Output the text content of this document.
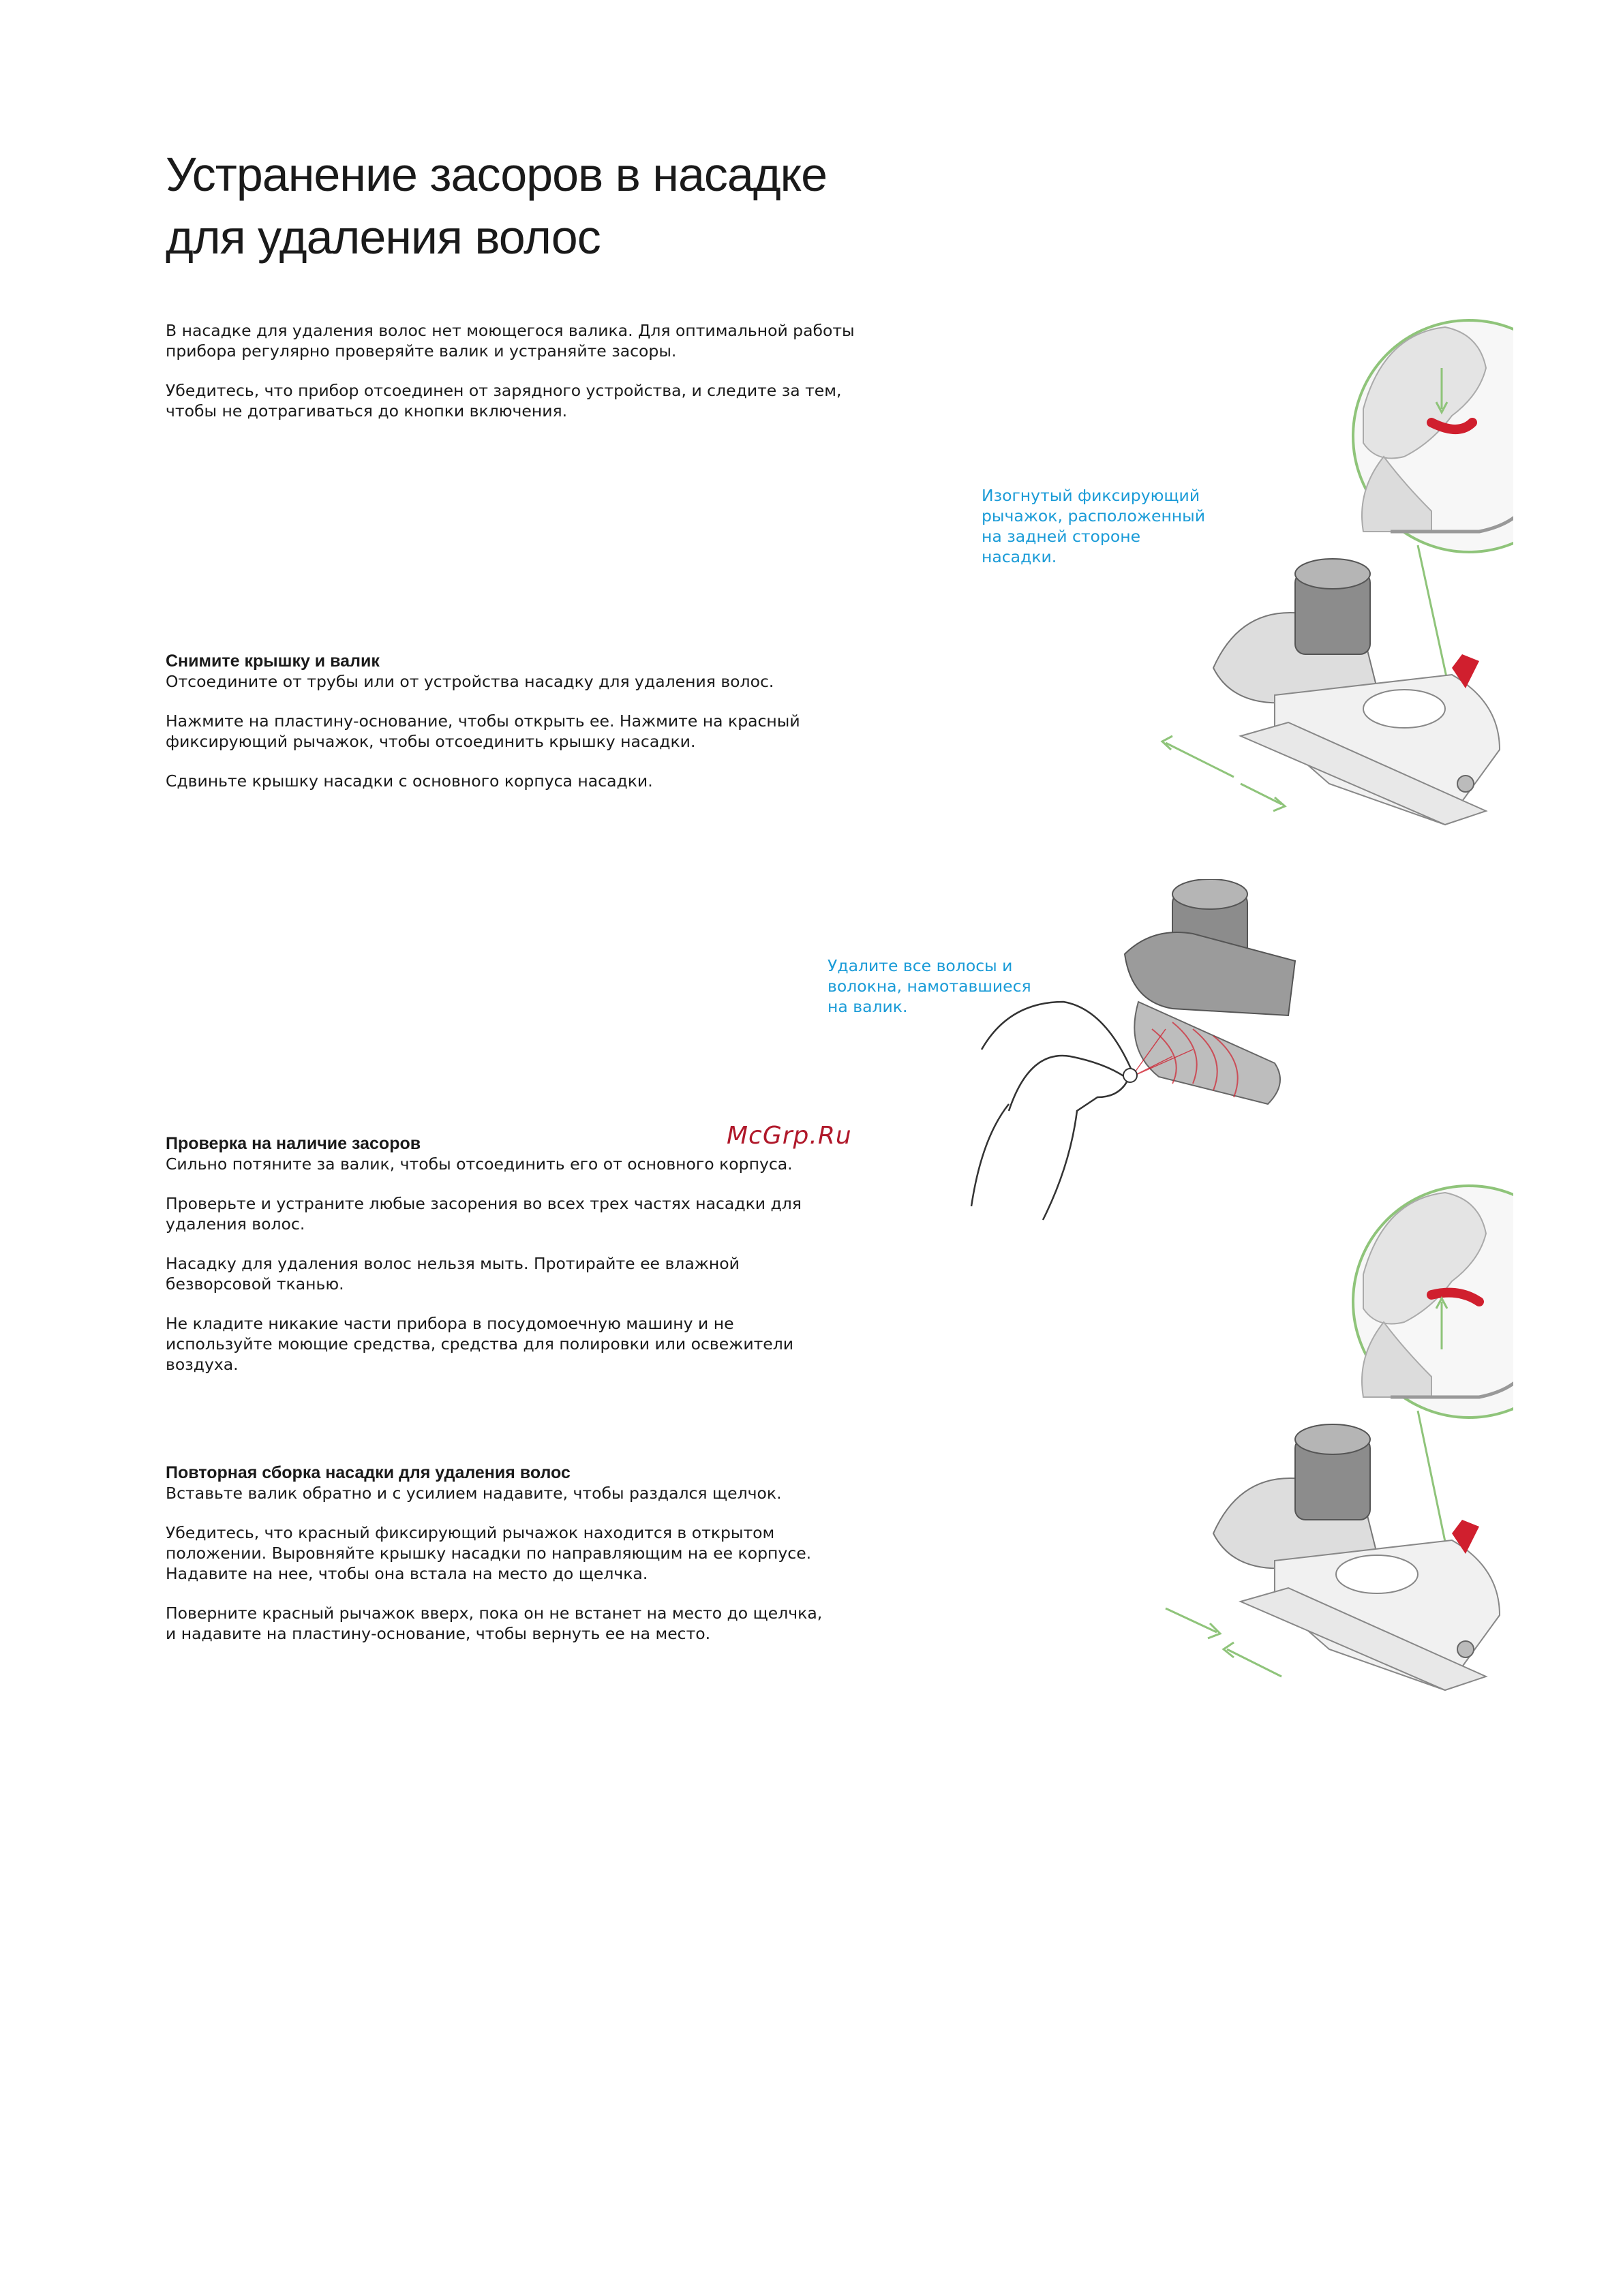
Устранение засоров в насадке
для удаления волос

В насадке для удаления волос нет моющегося валика. Для оптимальной работы
прибора регулярно проверяйте валик и устраняйте засоры.

Убедитесь, что прибор отсоединен от зарядного устройства, и следите за тем,
чтобы не дотрагиваться до кнопки включения.

Снимите крышку и валик

Отсоедините от трубы или от устройства насадку для удаления волос.

Нажмите на пластину-основание, чтобы открыть ее. Нажмите на красный
фиксирующий рычажок, чтобы отсоединить крышку насадки.

Сдвиньте крышку насадки с основного корпуса насадки.

Проверка на наличие засоров

Сильно потяните за валик, чтобы отсоединить его от основного корпуса.

Проверьте и устраните любые засорения во всех трех частях насадки для
удаления волос.

Насадку для удаления волос нельзя мыть. Протирайте ее влажной
безворсовой тканью.

Не кладите никакие части прибора в посудомоечную машину и не
используйте моющие средства, средства для полировки или освежители
воздуха.

Повторная сборка насадки для удаления волос

Вставьте валик обратно и с усилием надавите, чтобы раздался щелчок.

Убедитесь, что красный фиксирующий рычажок находится в открытом
положении. Выровняйте крышку насадки по направляющим на ее корпусе.
Надавите на нее, чтобы она встала на место до щелчка.

Поверните красный рычажок вверх, пока он не встанет на место до щелчка,
и надавите на пластину-основание, чтобы вернуть ее на место.

Изогнутый фиксирующий
рычажок, расположенный
на задней стороне
насадки.
Удалите все волосы и
волокна, намотавшиеся
на валик.
McGrp.Ru
